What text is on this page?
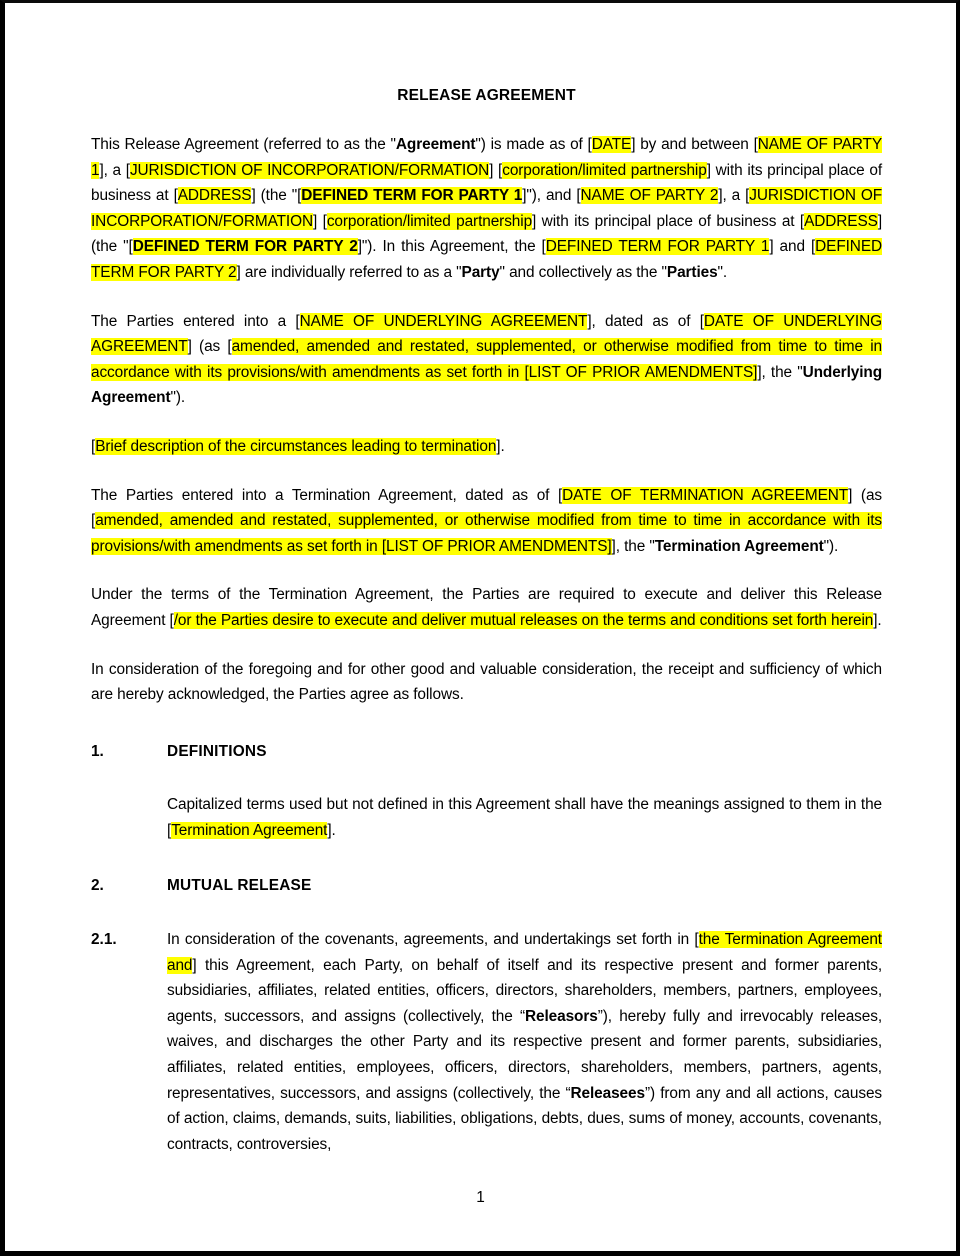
RELEASE AGREEMENT

This Release Agreement (referred to as the "Agreement") is made as of [DATE] by and between [NAME OF PARTY 1], a [JURISDICTION OF INCORPORATION/FORMATION] [corporation/limited partnership] with its principal place of business at [ADDRESS] (the "[DEFINED TERM FOR PARTY 1]"), and [NAME OF PARTY 2], a [JURISDICTION OF INCORPORATION/FORMATION] [corporation/limited partnership] with its principal place of business at [ADDRESS] (the "[DEFINED TERM FOR PARTY 2]"). In this Agreement, the [DEFINED TERM FOR PARTY 1] and [DEFINED TERM FOR PARTY 2] are individually referred to as a "Party" and collectively as the "Parties".

The Parties entered into a [NAME OF UNDERLYING AGREEMENT], dated as of [DATE OF UNDERLYING AGREEMENT] (as [amended, amended and restated, supplemented, or otherwise modified from time to time in accordance with its provisions/with amendments as set forth in [LIST OF PRIOR AMENDMENTS]], the "Underlying Agreement").

[Brief description of the circumstances leading to termination].

The Parties entered into a Termination Agreement, dated as of [DATE OF TERMINATION AGREEMENT] (as [amended, amended and restated, supplemented, or otherwise modified from time to time in accordance with its provisions/with amendments as set forth in [LIST OF PRIOR AMENDMENTS]], the "Termination Agreement").

Under the terms of the Termination Agreement, the Parties are required to execute and deliver this Release Agreement [/or the Parties desire to execute and deliver mutual releases on the terms and conditions set forth herein].

In consideration of the foregoing and for other good and valuable consideration, the receipt and sufficiency of which are hereby acknowledged, the Parties agree as follows.

1.	DEFINITIONS
Capitalized terms used but not defined in this Agreement shall have the meanings assigned to them in the [Termination Agreement].
2.	MUTUAL RELEASE
2.1.	In consideration of the covenants, agreements, and undertakings set forth in [the Termination Agreement and] this Agreement, each Party, on behalf of itself and its respective present and former parents, subsidiaries, affiliates, related entities, officers, directors, shareholders, members, partners, employees, agents, successors, and assigns (collectively, the “Releasors”), hereby fully and irrevocably releases, waives, and discharges the other Party and its respective present and former parents, subsidiaries, affiliates, related entities, employees, officers, directors, shareholders, members, partners, agents, representatives, successors, and assigns (collectively, the “Releasees”) from any and all actions, causes of action, claims, demands, suits, liabilities, obligations, debts, dues, sums of money, accounts, covenants, contracts, controversies,
1
